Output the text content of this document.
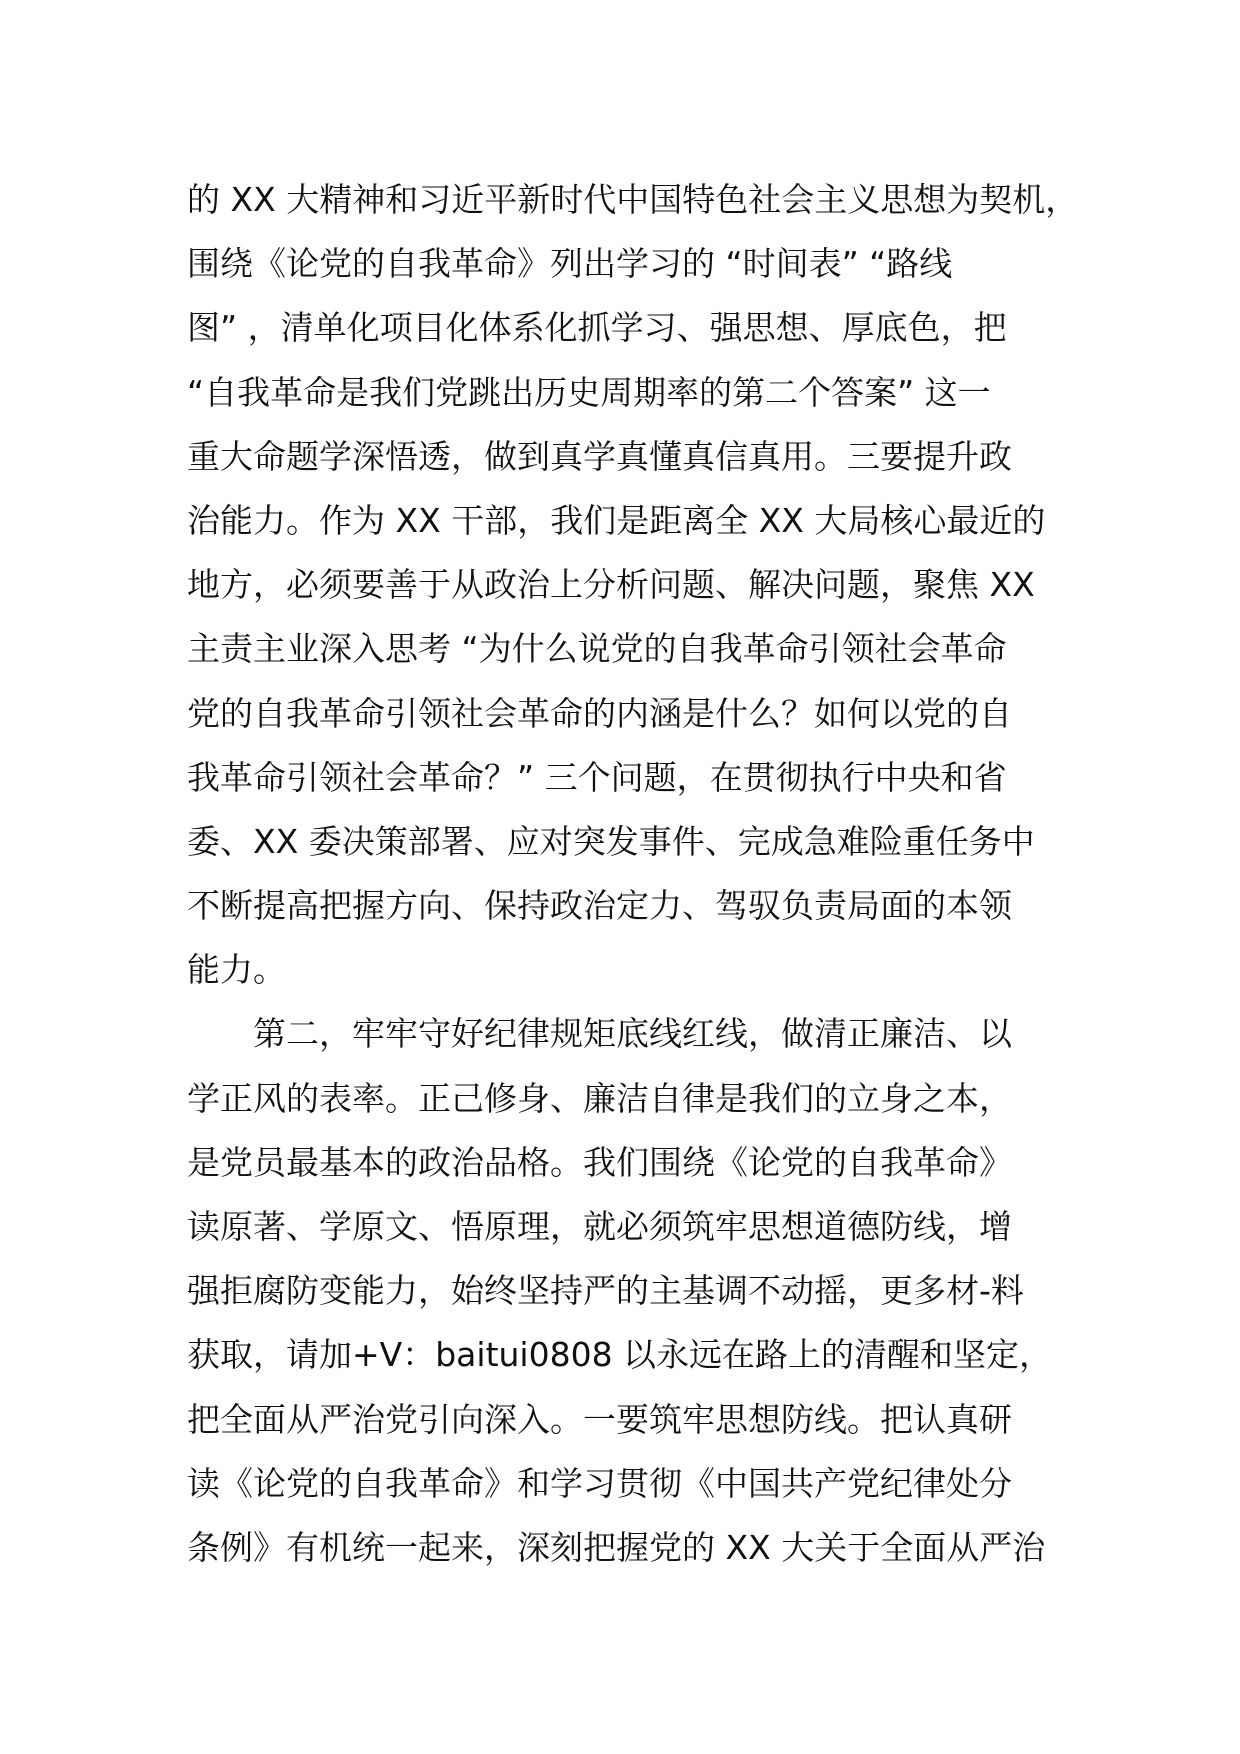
的 XX 大精神和习近平新时代中国特色社会主义思想为契机，
围绕《论党的自我革命》列出学习的 “时间表” “路线
图” ，清单化项目化体系化抓学习、强思想、厚底色，把
“自我革命是我们党跳出历史周期率的第二个答案” 这一
重大命题学深悟透，做到真学真懂真信真用。三要提升政
治能力。作为 XX 干部，我们是距离全 XX 大局核心最近的
地方，必须要善于从政治上分析问题、解决问题，聚焦 XX
主责主业深入思考 “为什么说党的自我革命引领社会革命
党的自我革命引领社会革命的内涵是什么？如何以党的自
我革命引领社会革命？” 三个问题，在贯彻执行中央和省
委、XX 委决策部署、应对突发事件、完成急难险重任务中
不断提高把握方向、保持政治定力、驾驭负责局面的本领
能力。
第二，牢牢守好纪律规矩底线红线，做清正廉洁、以
学正风的表率。正己修身、廉洁自律是我们的立身之本，
是党员最基本的政治品格。我们围绕《论党的自我革命》
读原著、学原文、悟原理，就必须筑牢思想道德防线，增
强拒腐防变能力，始终坚持严的主基调不动摇，更多材-料
获取，请加+V：baitui0808 以永远在路上的清醒和坚定，
把全面从严治党引向深入。一要筑牢思想防线。把认真研
读《论党的自我革命》和学习贯彻《中国共产党纪律处分
条例》有机统一起来，深刻把握党的 XX 大关于全面从严治
